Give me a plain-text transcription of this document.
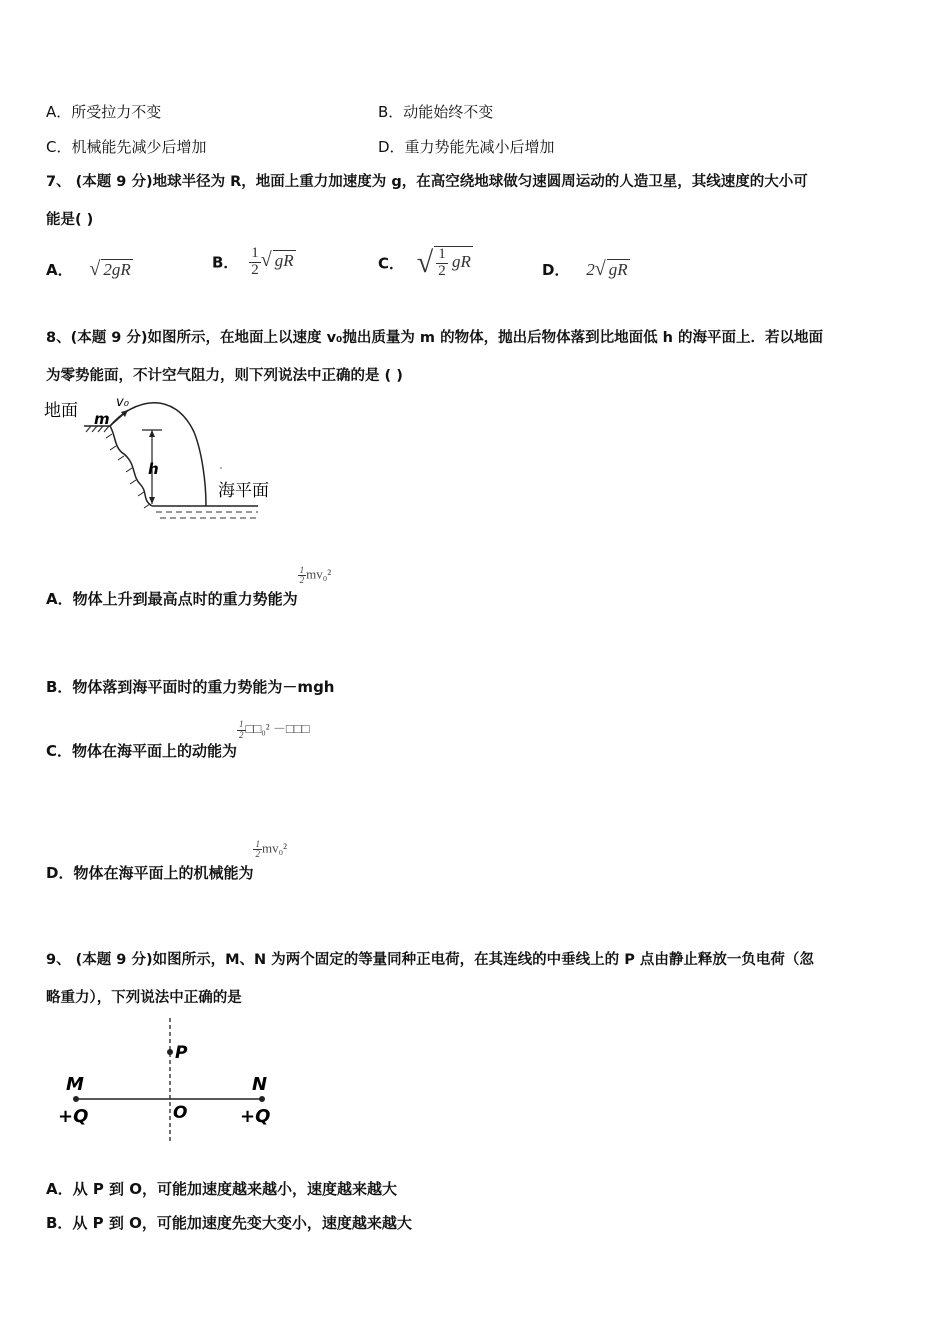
A．所受拉力不变	B．动能始终不变
C．机械能先减少后增加	D．重力势能先减小后增加
7、 (本题 9 分)地球半径为 R，地面上重力加速度为 g，在高空绕地球做匀速圆周运动的人造卫星，其线速度的大小可
能是( )
A． √ 2gR	B． $\frac{1}{2}$ √ gR	C． √ $\frac{1}{2}$ gR	D． 2√ gR
8、(本题 9 分)如图所示，在地面上以速度 v₀抛出质量为 m 的物体，抛出后物体落到比地面低 h 的海平面上．若以地面
为零势能面，不计空气阻力，则下列说法中正确的是 ( )
地面 m
v₀
h
海平面
A．物体上升到最高点时的重力势能为
$\frac{1}{2} mv_0^2$
B．物体落到海平面时的重力势能为－mgh
C．物体在海平面上的动能为
$\frac{1}{2}$ □□₀² －□□□
D．物体在海平面上的机械能为
$\frac{1}{2} mv_0^2$
9、 (本题 9 分)如图所示，M、N 为两个固定的等量同种正电荷，在其连线的中垂线上的 P 点由静止释放一负电荷（忽
略重力），下列说法中正确的是
M	N
P
O
+Q	+Q
A．从 P 到 O，可能加速度越来越小，速度越来越大
B．从 P 到 O，可能加速度先变大变小，速度越来越大
